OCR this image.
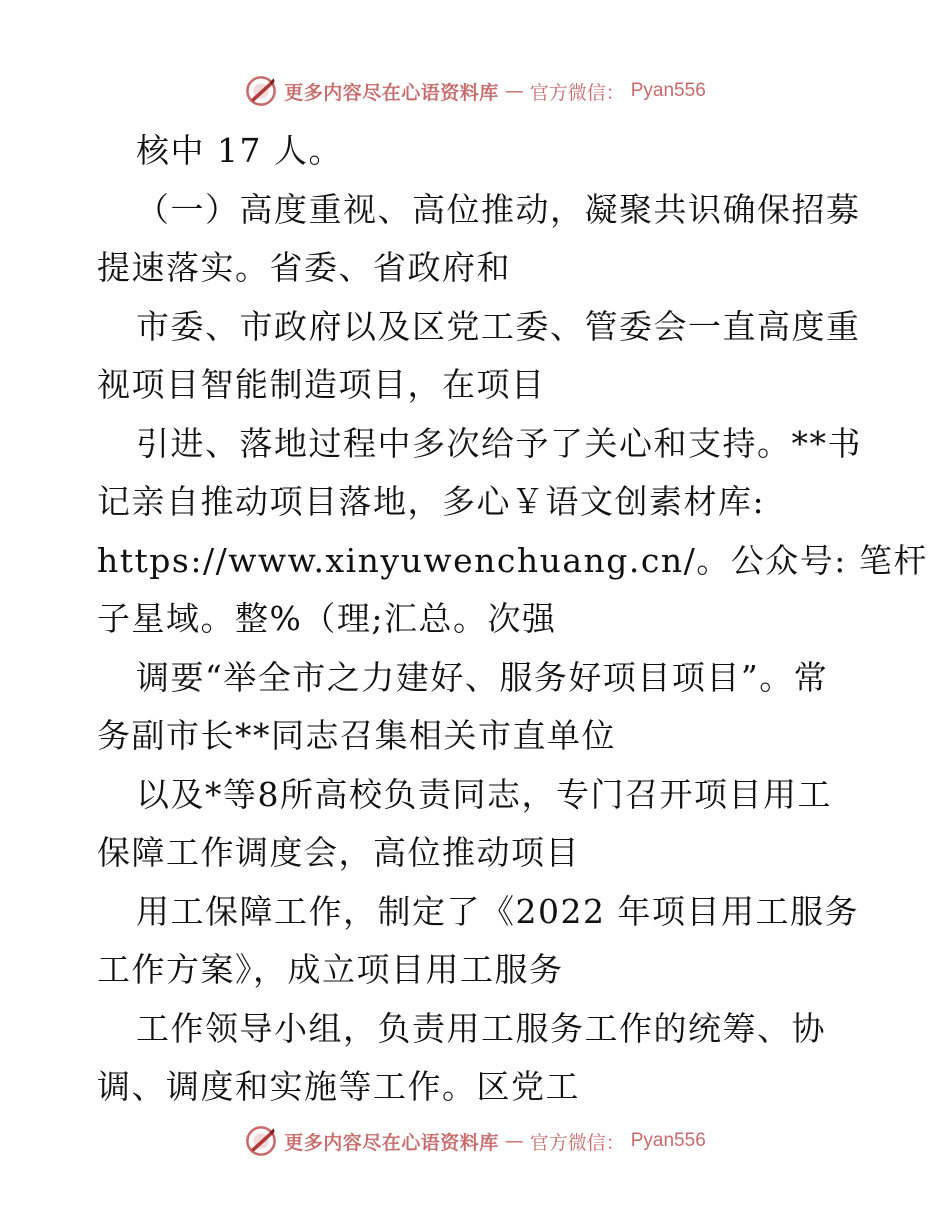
更多内容尽在心语资料库 — 官方微信： Pyan556
核中 17 人。
（一）高度重视、高位推动，凝聚共识确保招募
提速落实。省委、省政府和
市委、市政府以及区党工委、管委会一直高度重
视项目智能制造项目，在项目
引进、落地过程中多次给予了关心和支持。**书
记亲自推动项目落地，多心￥语文创素材库:
https://www.xinyuwenchuang.cn/。公众号: 笔杆
子星域。整%（理;汇总。次强
调要“举全市之力建好、服务好项目项目”。常
务副市长**同志召集相关市直单位
以及*等8所高校负责同志，专门召开项目用工
保障工作调度会，高位推动项目
用工保障工作，制定了《2022 年项目用工服务
工作方案》，成立项目用工服务
工作领导小组，负责用工服务工作的统筹、协
调、调度和实施等工作。区党工
更多内容尽在心语资料库 — 官方微信： Pyan556
